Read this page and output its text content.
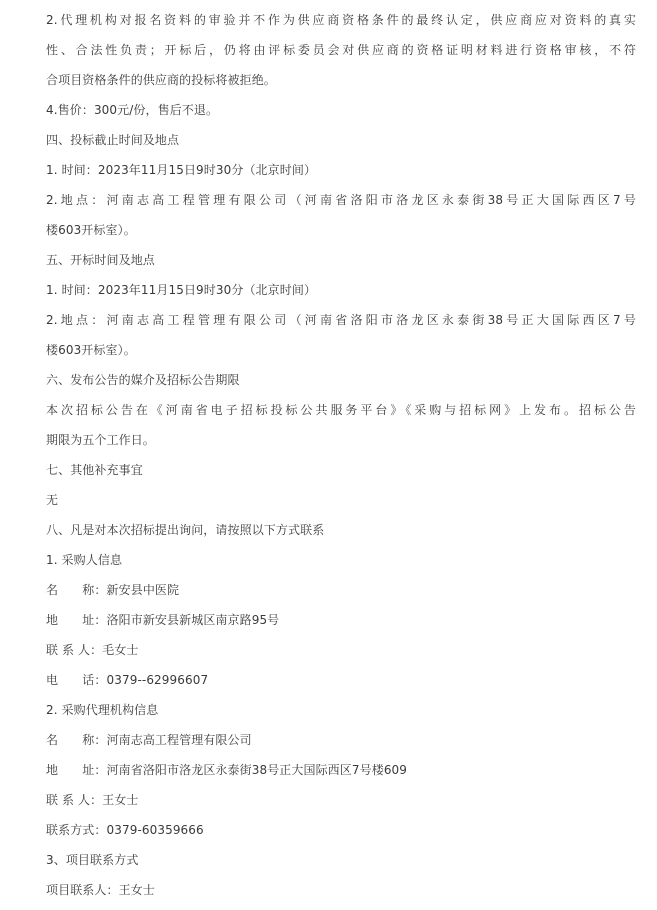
2.代理机构对报名资料的审验并不作为供应商资格条件的最终认定，供应商应对资料的真实
性、合法性负责；开标后，仍将由评标委员会对供应商的资格证明材料进行资格审核，不符
合项目资格条件的供应商的投标将被拒绝。
4.售价：300元/份，售后不退。
四、投标截止时间及地点
1. 时间：2023年11月15日9时30分（北京时间）
2.地点：河南志高工程管理有限公司（河南省洛阳市洛龙区永泰街38号正大国际西区7号
楼603开标室）。
五、开标时间及地点
1. 时间：2023年11月15日9时30分（北京时间）
2.地点：河南志高工程管理有限公司（河南省洛阳市洛龙区永泰街38号正大国际西区7号
楼603开标室）。
六、发布公告的媒介及招标公告期限
本次招标公告在《河南省电子招标投标公共服务平台》《采购与招标网》上发布。招标公告
期限为五个工作日。
七、其他补充事宜
无
八、凡是对本次招标提出询问，请按照以下方式联系
1. 采购人信息
名　　称：新安县中医院
地　　址：洛阳市新安县新城区南京路95号
联 系 人：毛女士
电　　话：0379--62996607
2. 采购代理机构信息
名　　称：河南志高工程管理有限公司
地　　址：河南省洛阳市洛龙区永泰街38号正大国际西区7号楼609
联 系 人：王女士
联系方式：0379-60359666
3、项目联系方式
项目联系人：王女士
